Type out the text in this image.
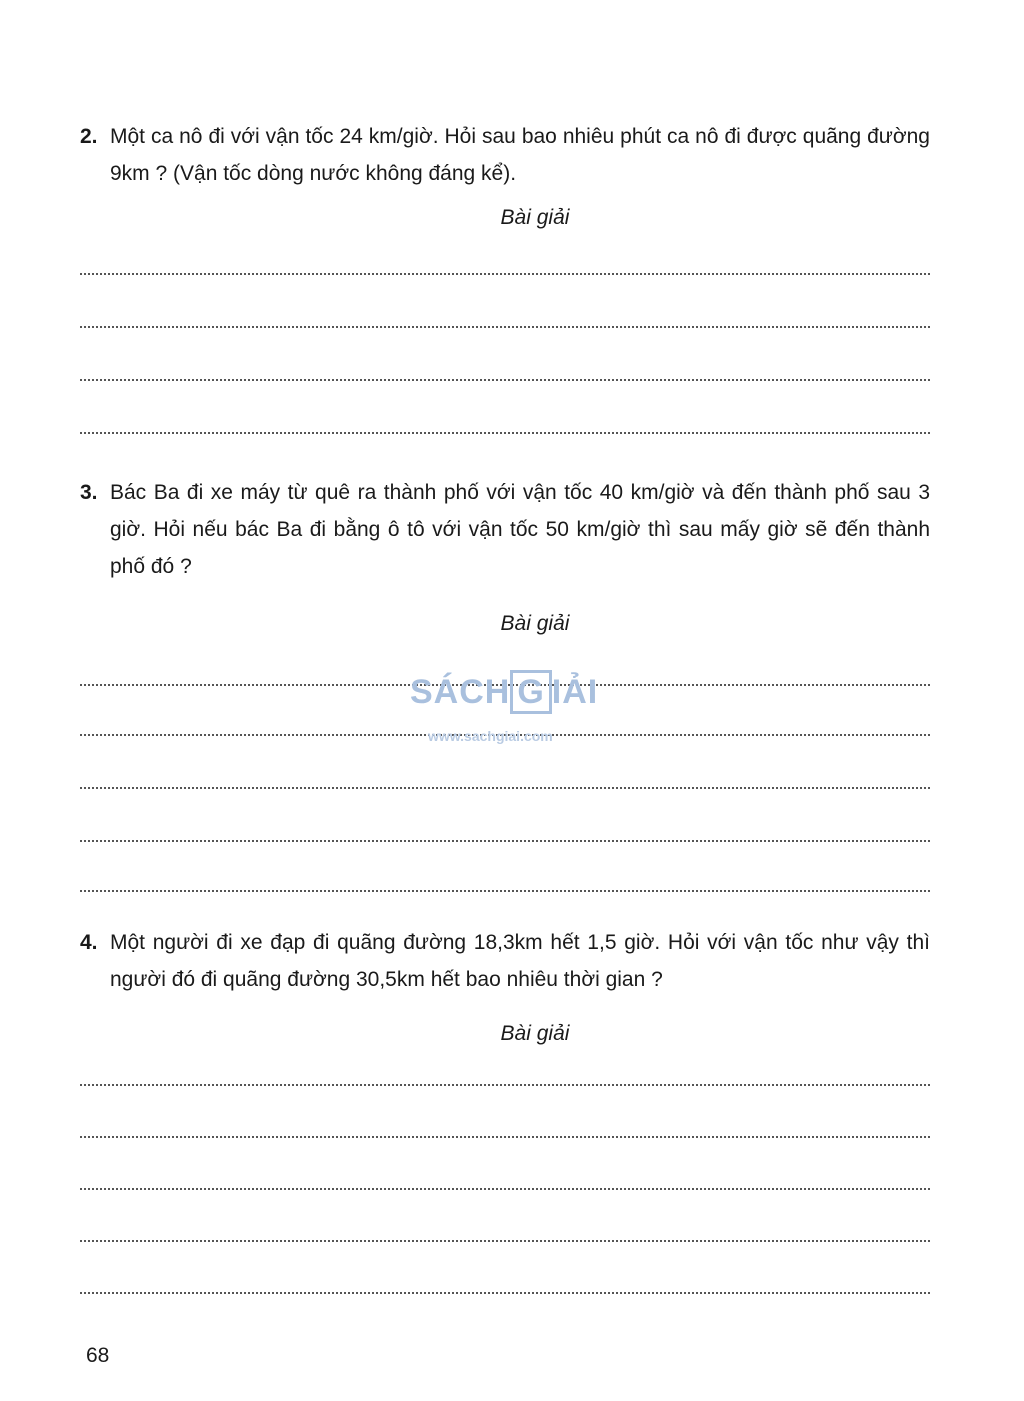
2. Một ca nô đi với vận tốc 24 km/giờ. Hỏi sau bao nhiêu phút ca nô đi được quãng đường 9km ? (Vận tốc dòng nước không đáng kể).

Bài giải

3. Bác Ba đi xe máy từ quê ra thành phố với vận tốc 40 km/giờ và đến thành phố sau 3 giờ. Hỏi nếu bác Ba đi bằng ô tô với vận tốc 50 km/giờ thì sau mấy giờ sẽ đến thành phố đó ?

Bài giải

4. Một người đi xe đạp đi quãng đường 18,3km hết 1,5 giờ. Hỏi với vận tốc như vậy thì người đó đi quãng đường 30,5km hết bao nhiêu thời gian ?

Bài giải
SÁCH G IẢI
www.sachgiai.com
68
